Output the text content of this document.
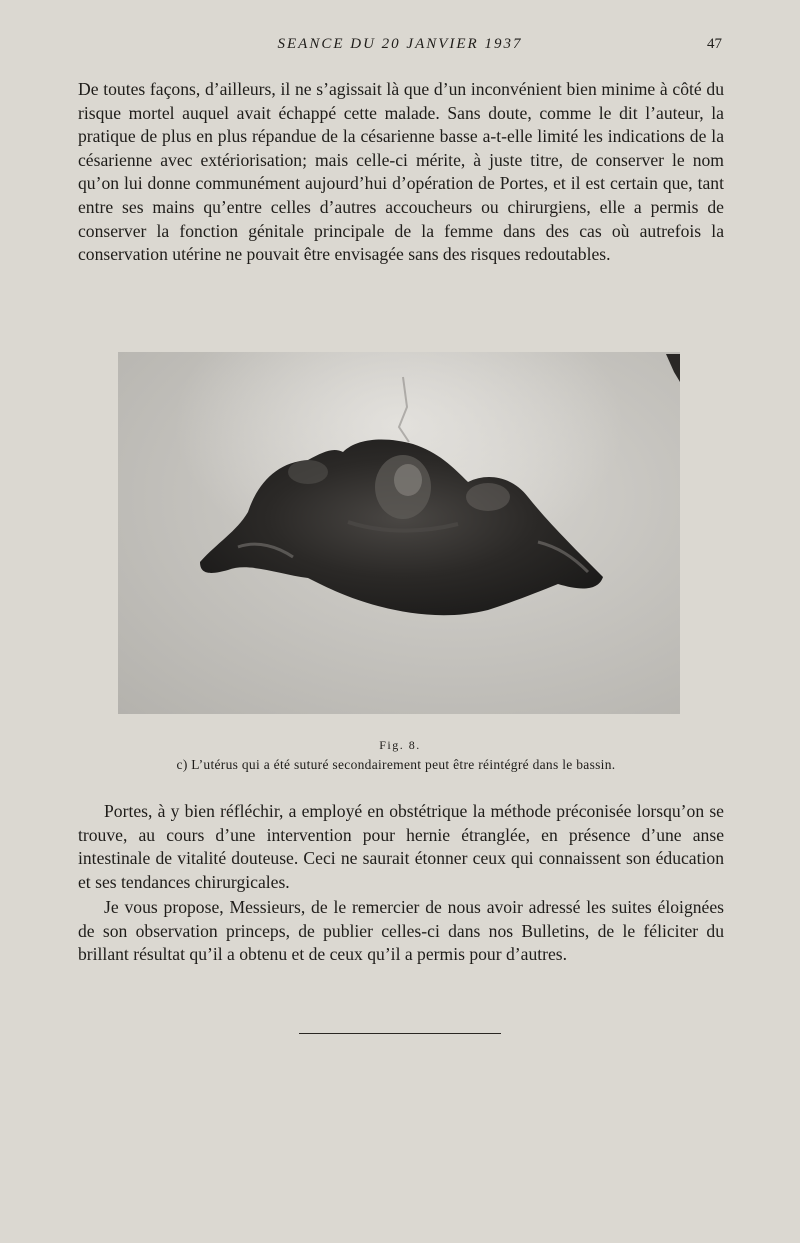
SEANCE DU 20 JANVIER 1937	47

De toutes façons, d’ailleurs, il ne s’agissait là que d’un inconvénient bien minime à côté du risque mortel auquel avait échappé cette malade. Sans doute, comme le dit l’auteur, la pratique de plus en plus répandue de la césarienne basse a-t-elle limité les indications de la césarienne avec extériorisation; mais celle-ci mérite, à juste titre, de conserver le nom qu’on lui donne communément aujourd’hui d’opération de Portes, et il est certain que, tant entre ses mains qu’entre celles d’autres accoucheurs ou chirurgiens, elle a permis de conserver la fonction génitale principale de la femme dans des cas où autrefois la conservation utérine ne pouvait être envisagée sans des risques redoutables.

Fig. 8.
c) L’utérus qui a été suturé secondairement peut être réintégré dans le bassin.

Portes, à y bien réfléchir, a employé en obstétrique la méthode préconisée lorsqu’on se trouve, au cours d’une intervention pour hernie étranglée, en présence d’une anse intestinale de vitalité douteuse. Ceci ne saurait étonner ceux qui connaissent son éducation et ses tendances chirurgicales.

Je vous propose, Messieurs, de le remercier de nous avoir adressé les suites éloignées de son observation princeps, de publier celles-ci dans nos Bulletins, de le féliciter du brillant résultat qu’il a obtenu et de ceux qu’il a permis pour d’autres.
